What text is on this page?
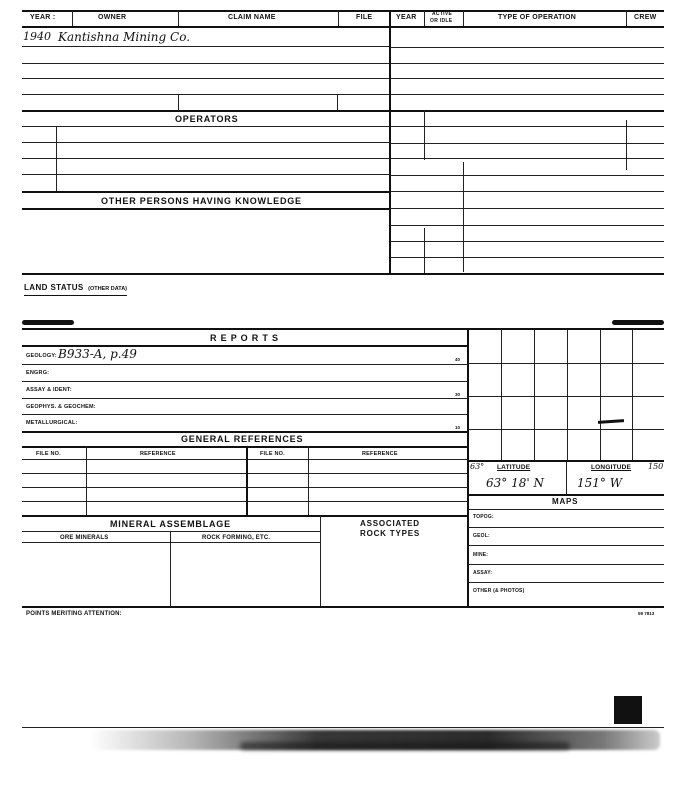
YEAR :	OWNER	CLAIM NAME	FILE	YEAR	ACTIVE
OR IDLE	TYPE OF OPERATION	CREW
1940 Kantishna Mining Co.
OPERATORS
OTHER PERSONS HAVING KNOWLEDGE
LAND STATUS (OTHER DATA)
R E P O R T S
GEOLOGY: B933-A, p.49	40
ENGRG:
ASSAY & IDENT:
30
GEOPHYS. & GEOCHEM:
METALLURGICAL:
10
GENERAL REFERENCES
FILE NO.	REFERENCE	FILE NO.	REFERENCE
MINERAL ASSEMBLAGE	ASSOCIATED
ROCK TYPES
ORE MINERALS	ROCK FORMING, ETC.
63° LATITUDE	LONGITUDE 150
63° 18' N	151° W
MAPS
TOPOG:
GEOL:
MINE:
ASSAY:
OTHER (& PHOTOS)
POINTS MERITING ATTENTION:	59 7813
